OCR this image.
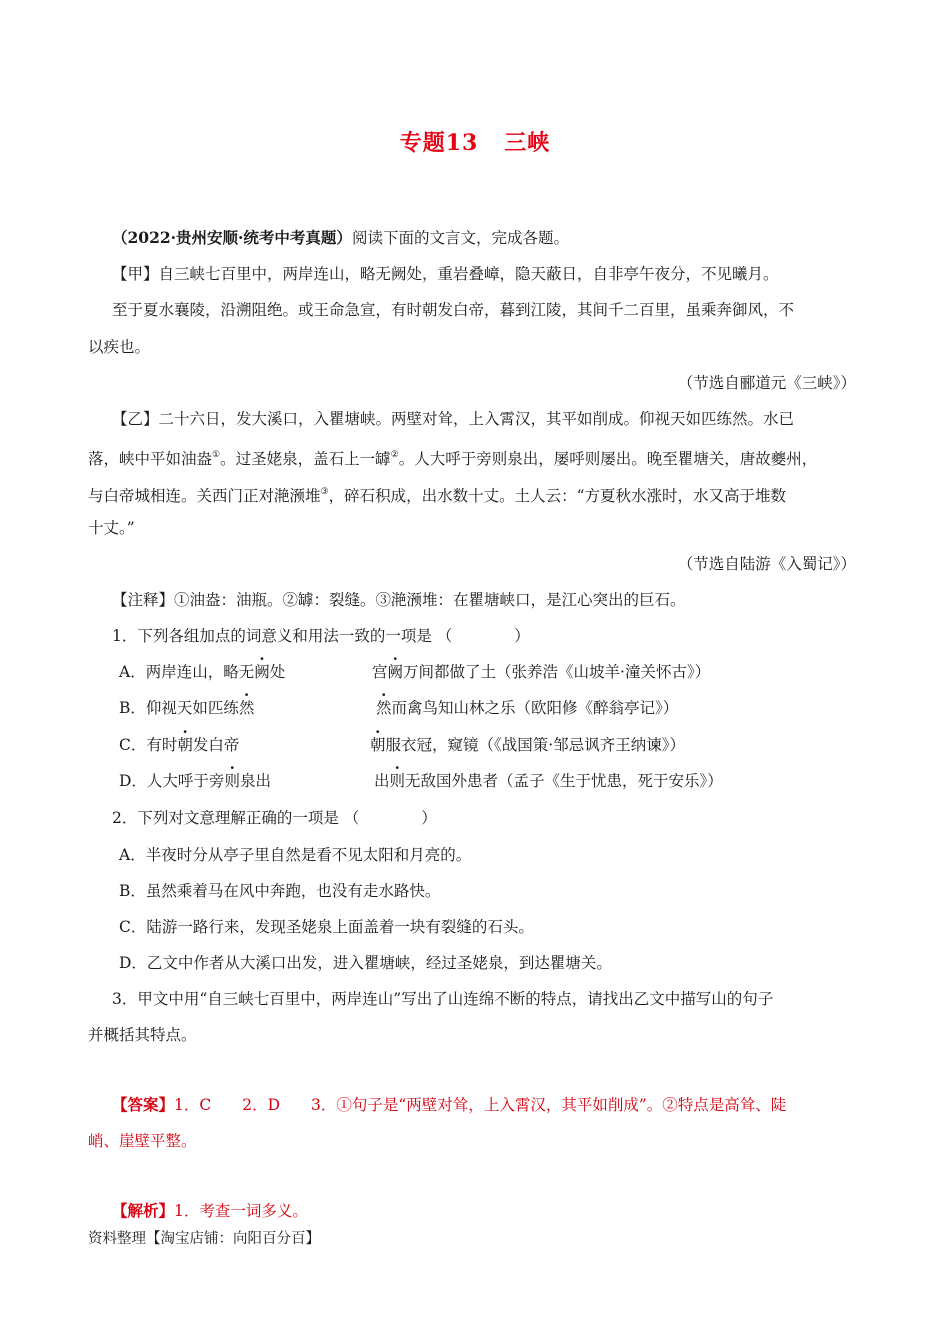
专题13   三峡
（2022·贵州安顺·统考中考真题）阅读下面的文言文，完成各题。
【甲】自三峡七百里中，两岸连山，略无阙处，重岩叠嶂，隐天蔽日，自非亭午夜分，不见曦月。
至于夏水襄陵，沿溯阻绝。或王命急宣，有时朝发白帝，暮到江陵，其间千二百里，虽乘奔御风，不
以疾也。
（节选自郦道元《三峡》）
【乙】二十六日，发大溪口，入瞿塘峡。两壁对耸，上入霄汉，其平如削成。仰视天如匹练然。水已
落，峡中平如油盎①。过圣姥泉，盖石上一罅②。人大呼于旁则泉出，屡呼则屡出。晚至瞿塘关，唐故夔州，
与白帝城相连。关西门正对滟滪堆③，碎石积成，出水数十丈。土人云：“方夏秋水涨时，水又高于堆数
十丈。”
（节选自陆游《入蜀记》）
【注释】①油盎：油瓶。②罅：裂缝。③滟滪堆：在瞿塘峡口，是江心突出的巨石。
1．下列各组加点的词意义和用法一致的一项是 （　　　　）
A．两岸连山，略无阙处	宫阙万间都做了土（张养浩《山坡羊·潼关怀古》）
B．仰视天如匹练然	然而禽鸟知山林之乐（欧阳修《醉翁亭记》）
C．有时朝发白帝	朝服衣冠，窥镜（《战国策·邹忌讽齐王纳谏》）
D．人大呼于旁则泉出	出则无敌国外患者（孟子《生于忧患，死于安乐》）
2．下列对文意理解正确的一项是 （　　　　）
A．半夜时分从亭子里自然是看不见太阳和月亮的。
B．虽然乘着马在风中奔跑，也没有走水路快。
C．陆游一路行来，发现圣姥泉上面盖着一块有裂缝的石头。
D．乙文中作者从大溪口出发，进入瞿塘峡，经过圣姥泉，到达瞿塘关。
3．甲文中用“自三峡七百里中，两岸连山”写出了山连绵不断的特点，请找出乙文中描写山的句子
并概括其特点。
【答案】1．C　　2．D　　3．①句子是“两壁对耸，上入霄汉，其平如削成”。②特点是高耸、陡
峭、崖壁平整。
【解析】1．考查一词多义。
资料整理【淘宝店铺：向阳百分百】
